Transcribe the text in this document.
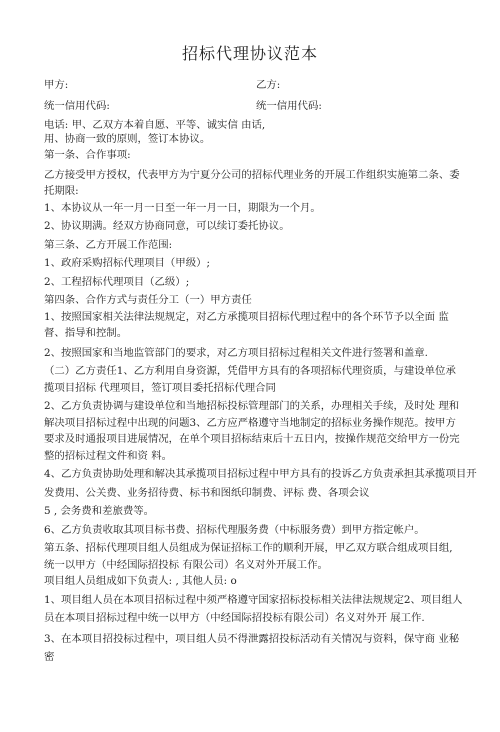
招标代理协议范本
甲方:	乙方:
统一信用代码:	统一信用代码:
电话: 甲、乙双方本着自愿、平等、诚实信 由话,
用、协商一致的原则，签订本协议。
第一条、合作事项:
乙方接受甲方授权，代表甲方为宁夏分公司的招标代理业务的开展工作组织实施第二条、委
托期限:
1、本协议从一年一月一日至一年一月一日，期限为一个月。
2、协议期满。经双方协商同意，可以续订委托协议。
第三条、乙方开展工作范围:
1、政府采购招标代理项目（甲级）;
2、工程招标代理项目（乙级）;
第四条、合作方式与责任分工（一）甲方责任
1、按照国家相关法律法规规定，对乙方承揽项目招标代理过程中的各个环节予以全面 监
督、指导和控制。
2、按照国家和当地监管部门的要求，对乙方项目招标过程相关文件进行签署和盖章.
（二）乙方责任1、乙方利用自身资源，凭借甲方具有的各项招标代理资质，与建设单位承
揽项目招标 代理项目，签订项目委托招标代理合同
2、乙方负责协调与建设单位和当地招标投标管理部门的关系，办理相关手续，及时处 理和
解决项目招标过程中出现的问题3、乙方应严格遵守当地制定的招标业务操作规范。按甲方
要求及时通报项目进展情况，在单个项目招标结束后十五日内，按操作规范交给甲方一份完
整的招标过程文件和资 料。
4、乙方负责协助处理和解决其承揽项目招标过程中甲方具有的投诉乙方负责承担其承揽项目开
发费用、公关费、业务招待费、标书和图纸印制费、评标 费、各项会议
5 , 会务费和差旅费等。
6、乙方负责收取其项目标书费、招标代理服务费（中标服务费）到甲方指定帐户。
第五条、招标代理项目组人员组成为保证招标工作的顺利开展，甲乙双方联合组成项目组,
统一以甲方（中经国际招投标 有限公司）名义对外开展工作。
项目组人员组成如下负责人: , 其他人员: o
1、项目组人员在本项目招标过程中须严格遵守国家招标投标相关法律法规规定2、项目组人
员在本项目招标过程中统一以甲方（中经国际招投标有限公司）名义对外开 展工作.
3、在本项目招投标过程中，项目组人员不得泄露招投标活动有关情况与资料，保守商 业秘
密
